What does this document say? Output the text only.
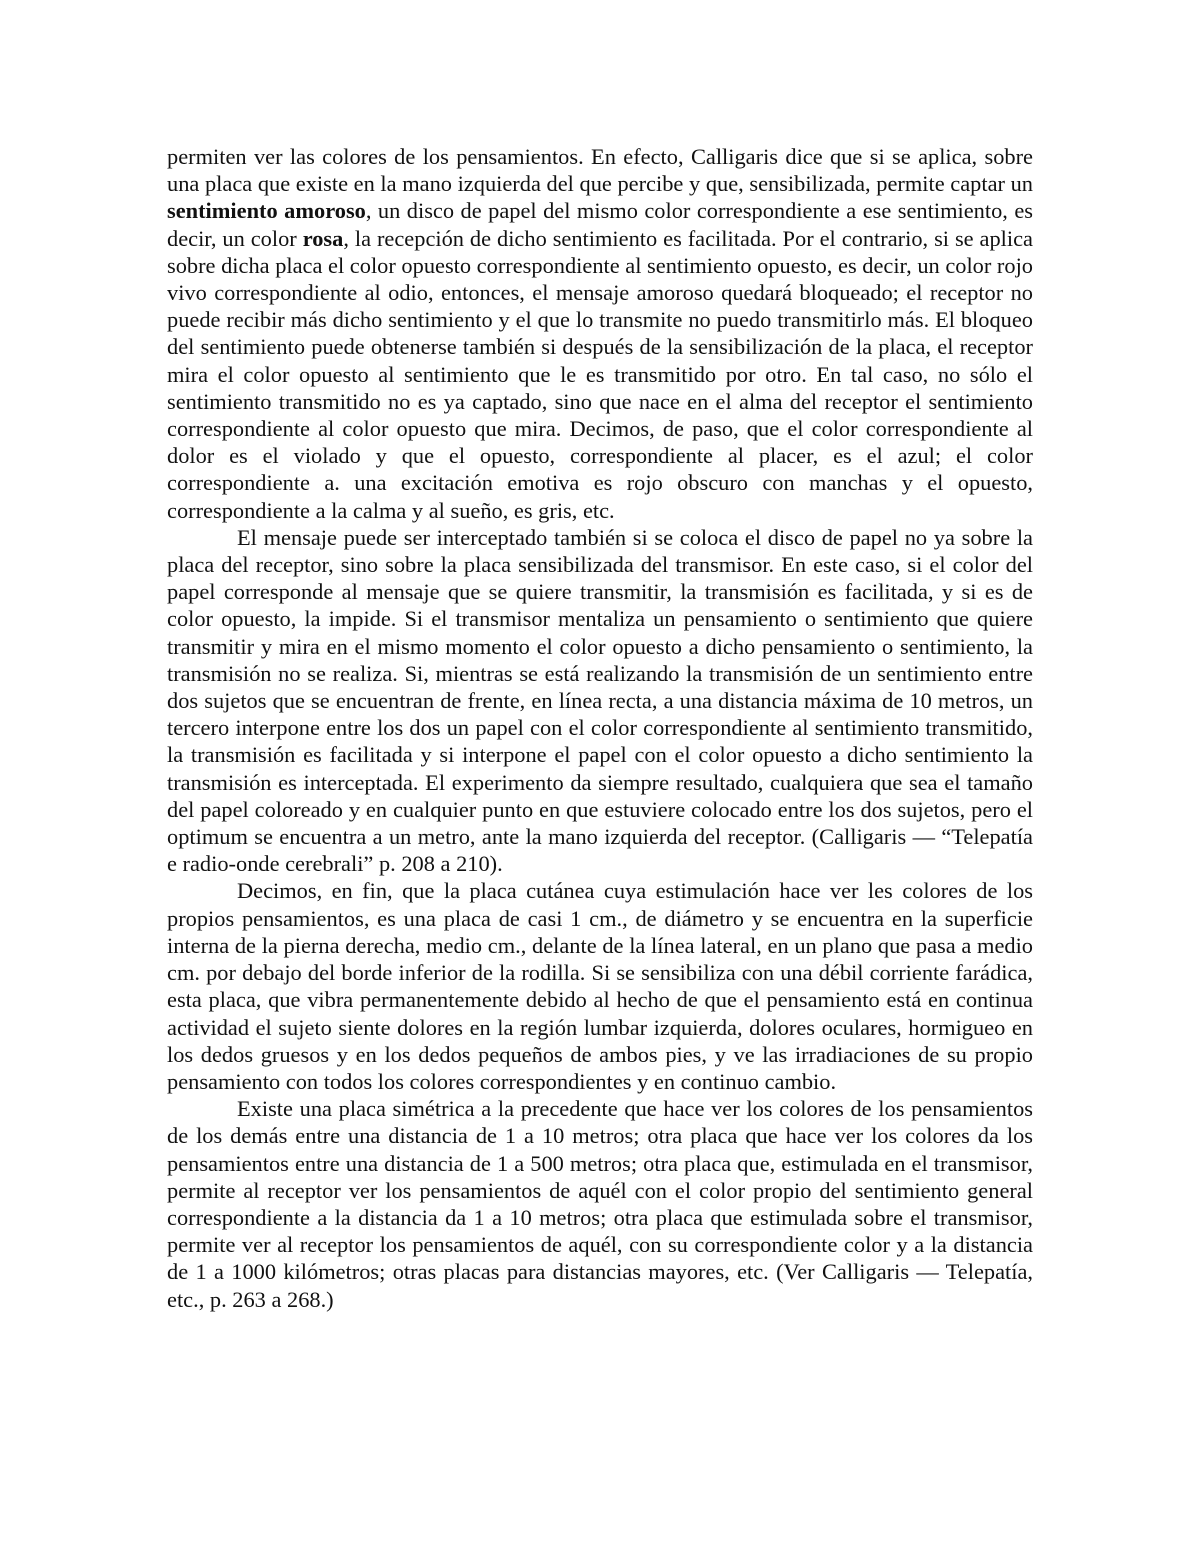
permiten ver las colores de los pensamientos. En efecto, Calligaris dice que si se aplica, sobre una placa que existe en la mano izquierda del que percibe y que, sensibilizada, permite captar un sentimiento amoroso, un disco de papel del mismo color correspondiente a ese sentimiento, es decir, un color rosa, la recepción de dicho sentimiento es facilitada. Por el contrario, si se aplica sobre dicha placa el color opuesto correspondiente al sentimiento opuesto, es decir, un color rojo vivo correspondiente al odio, entonces, el mensaje amoroso quedará bloqueado; el receptor no puede recibir más dicho sentimiento y el que lo transmite no puedo transmitirlo más. El bloqueo del sentimiento puede obtenerse también si después de la sensibilización de la placa, el receptor mira el color opuesto al sentimiento que le es transmitido por otro. En tal caso, no sólo el sentimiento transmitido no es ya captado, sino que nace en el alma del receptor el sentimiento correspondiente al color opuesto que mira. Decimos, de paso, que el color correspondiente al dolor es el violado y que el opuesto, correspondiente al placer, es el azul; el color correspondiente a. una excitación emotiva es rojo obscuro con manchas y el opuesto, correspondiente a la calma y al sueño, es gris, etc.

El mensaje puede ser interceptado también si se coloca el disco de papel no ya sobre la placa del receptor, sino sobre la placa sensibilizada del transmisor. En este caso, si el color del papel corresponde al mensaje que se quiere transmitir, la transmisión es facilitada, y si es de color opuesto, la impide. Si el transmisor mentaliza un pensamiento o sentimiento que quiere transmitir y mira en el mismo momento el color opuesto a dicho pensamiento o sentimiento, la transmisión no se realiza. Si, mientras se está realizando la transmisión de un sentimiento entre dos sujetos que se encuentran de frente, en línea recta, a una distancia máxima de 10 metros, un tercero interpone entre los dos un papel con el color correspondiente al sentimiento transmitido, la transmisión es facilitada y si interpone el papel con el color opuesto a dicho sentimiento la transmisión es interceptada. El experimento da siempre resultado, cualquiera que sea el tamaño del papel coloreado y en cualquier punto en que estuviere colocado entre los dos sujetos, pero el optimum se encuentra a un metro, ante la mano izquierda del receptor. (Calligaris — “Telepatía e radio-onde cerebrali” p. 208 a 210).

Decimos, en fin, que la placa cutánea cuya estimulación hace ver les colores de los propios pensamientos, es una placa de casi 1 cm., de diámetro y se encuentra en la superficie interna de la pierna derecha, medio cm., delante de la línea lateral, en un plano que pasa a medio cm. por debajo del borde inferior de la rodilla. Si se sensibiliza con una débil corriente farádica, esta placa, que vibra permanentemente debido al hecho de que el pensamiento está en continua actividad el sujeto siente dolores en la región lumbar izquierda, dolores oculares, hormigueo en los dedos gruesos y en los dedos pequeños de ambos pies, y ve las irradiaciones de su propio pensamiento con todos los colores correspondientes y en continuo cambio.

Existe una placa simétrica a la precedente que hace ver los colores de los pensamientos de los demás entre una distancia de 1 a 10 metros; otra placa que hace ver los colores da los pensamientos entre una distancia de 1 a 500 metros; otra placa que, estimulada en el transmisor, permite al receptor ver los pensamientos de aquél con el color propio del sentimiento general correspondiente a la distancia da 1 a 10 metros; otra placa que estimulada sobre el transmisor, permite ver al receptor los pensamientos de aquél, con su correspondiente color y a la distancia de 1 a 1000 kilómetros; otras placas para distancias mayores, etc. (Ver Calligaris — Telepatía, etc., p. 263 a 268.)
